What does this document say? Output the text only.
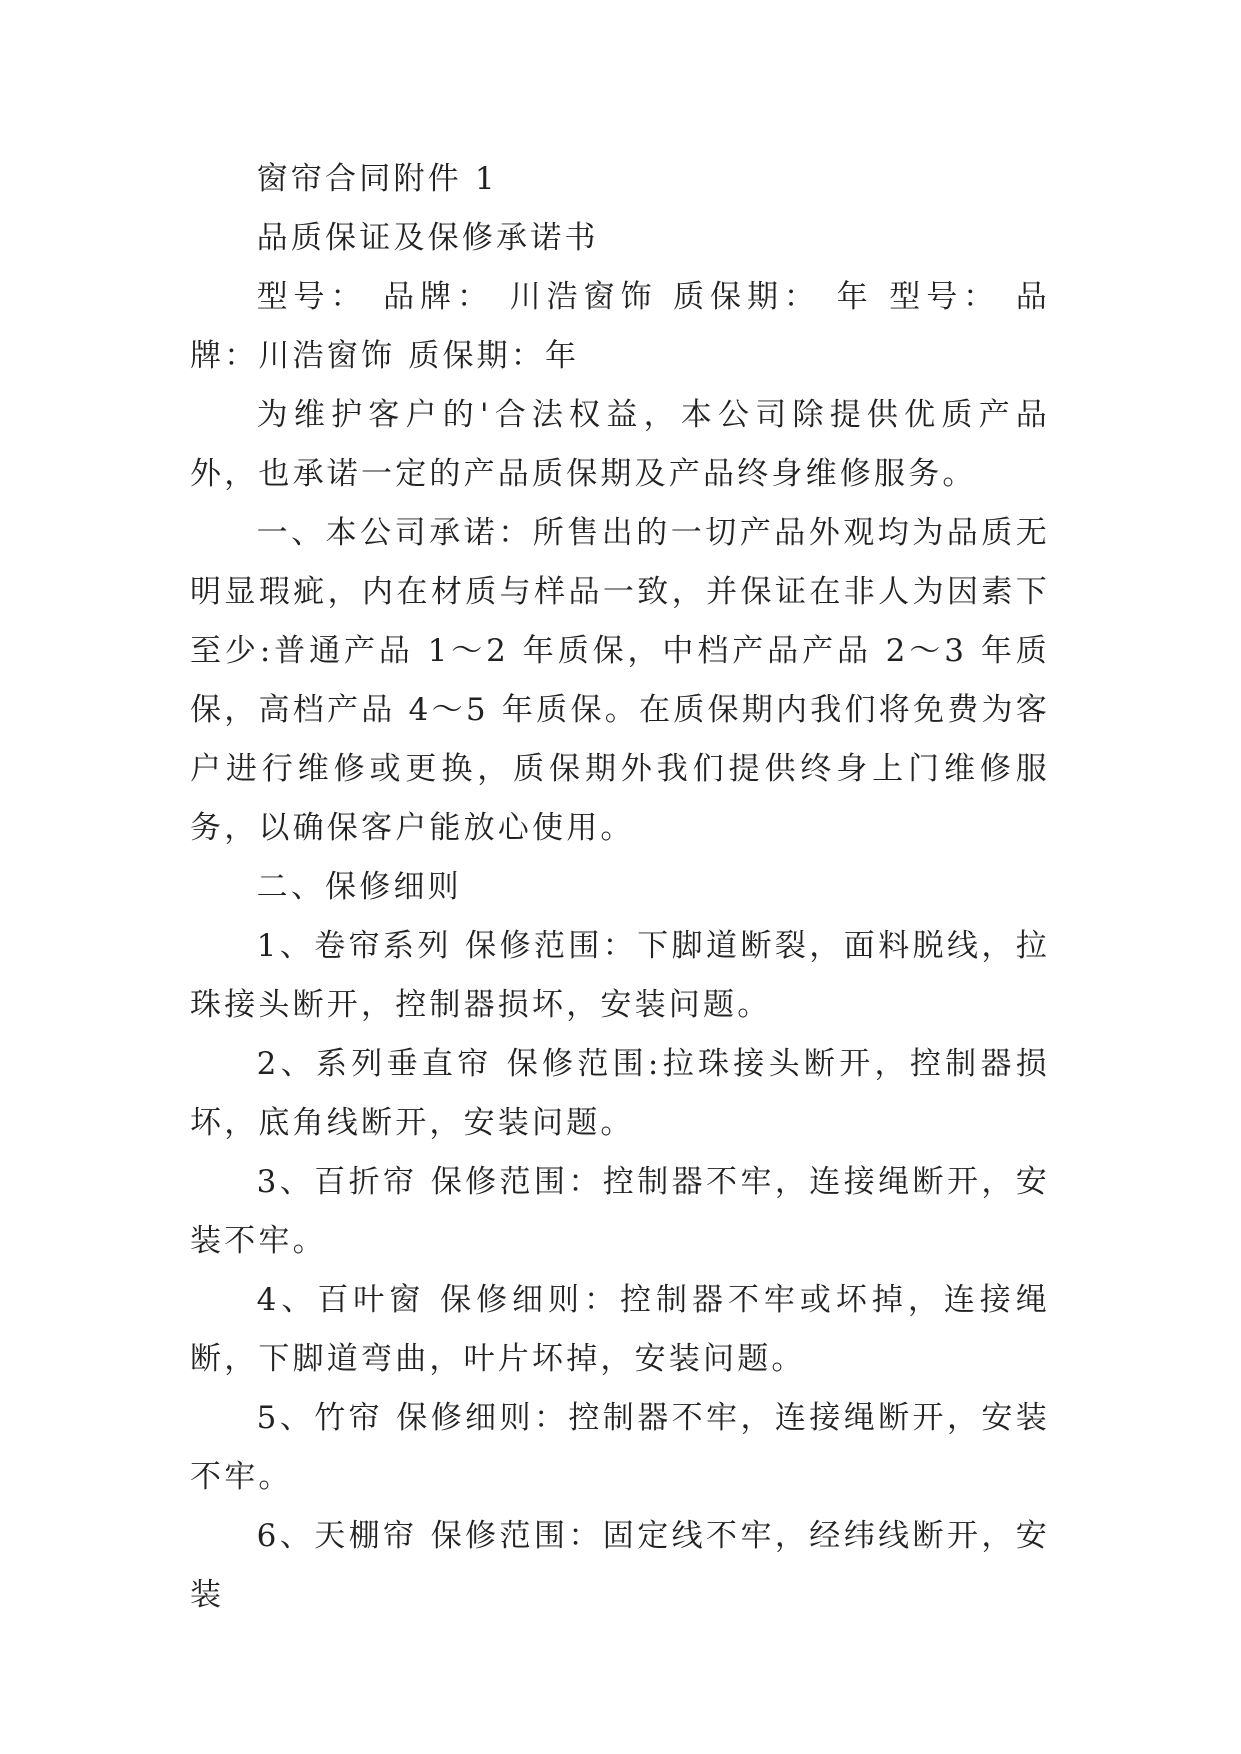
窗帘合同附件 1

品质保证及保修承诺书

型号： 品牌： 川浩窗饰 质保期： 年 型号： 品牌：川浩窗饰 质保期：年

为维护客户的'合法权益，本公司除提供优质产品外，也承诺一定的产品质保期及产品终身维修服务。

一、本公司承诺：所售出的一切产品外观均为品质无明显瑕疵，内在材质与样品一致，并保证在非人为因素下至少:普通产品 1～2 年质保，中档产品产品 2～3 年质保，高档产品 4～5 年质保。在质保期内我们将免费为客户进行维修或更换，质保期外我们提供终身上门维修服务，以确保客户能放心使用。

二、保修细则

1、卷帘系列 保修范围：下脚道断裂，面料脱线，拉珠接头断开，控制器损坏，安装问题。

2、系列垂直帘 保修范围:拉珠接头断开，控制器损坏，底角线断开，安装问题。

3、百折帘 保修范围：控制器不牢，连接绳断开，安装不牢。

4、百叶窗 保修细则：控制器不牢或坏掉，连接绳断，下脚道弯曲，叶片坏掉，安装问题。

5、竹帘 保修细则：控制器不牢，连接绳断开，安装不牢。

6、天棚帘 保修范围：固定线不牢，经纬线断开，安装
